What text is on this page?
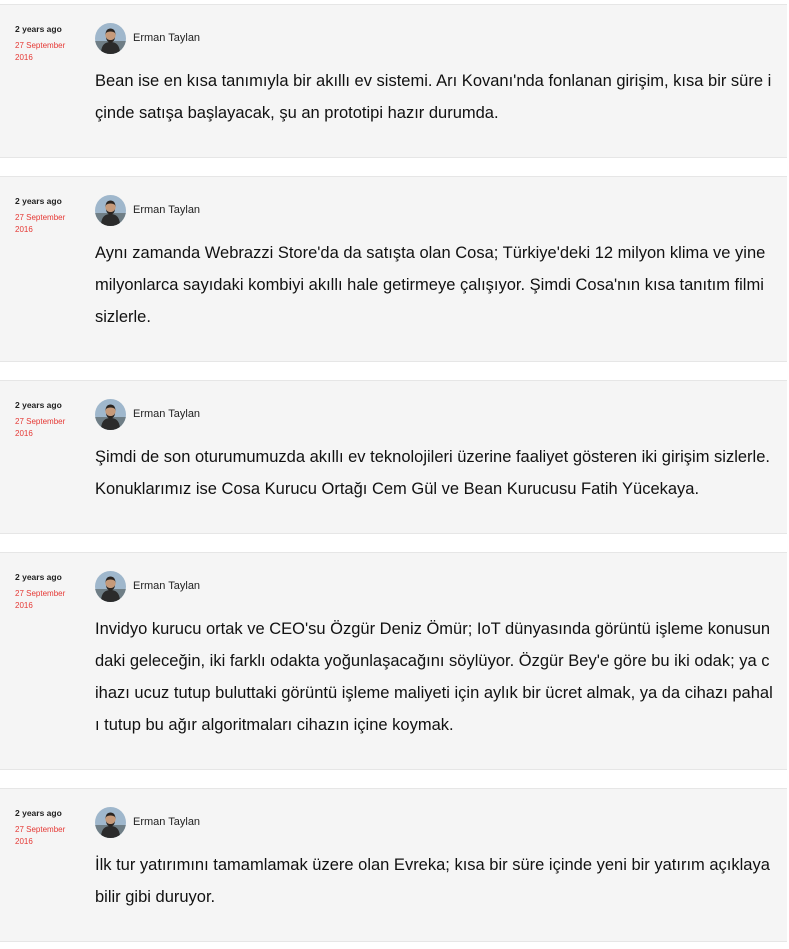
2 years ago
27 September 2016
Erman Taylan
Bean ise en kısa tanımıyla bir akıllı ev sistemi. Arı Kovanı'nda fonlanan girişim, kısa bir süre içinde satışa başlayacak, şu an prototipi hazır durumda.
2 years ago
27 September 2016
Erman Taylan
Aynı zamanda Webrazzi Store'da da satışta olan Cosa; Türkiye'deki 12 milyon klima ve yine milyonlarca sayıdaki kombiyi akıllı hale getirmeye çalışıyor. Şimdi Cosa'nın kısa tanıtım filmi sizlerle.
2 years ago
27 September 2016
Erman Taylan
Şimdi de son oturumumuzda akıllı ev teknolojileri üzerine faaliyet gösteren iki girişim sizlerle. Konuklarımız ise Cosa Kurucu Ortağı Cem Gül ve Bean Kurucusu Fatih Yücekaya.
2 years ago
27 September 2016
Erman Taylan
Invidyo kurucu ortak ve CEO'su Özgür Deniz Ömür; IoT dünyasında görüntü işleme konusundaki geleceğin, iki farklı odakta yoğunlaşacağını söylüyor. Özgür Bey'e göre bu iki odak; ya cihazı ucuz tutup buluttaki görüntü işleme maliyeti için aylık bir ücret almak, ya da cihazı pahalı tutup bu ağır algoritmaları cihazın içine koymak.
2 years ago
27 September 2016
Erman Taylan
İlk tur yatırımını tamamlamak üzere olan Evreka; kısa bir süre içinde yeni bir yatırım açıklayabilir gibi duruyor.
